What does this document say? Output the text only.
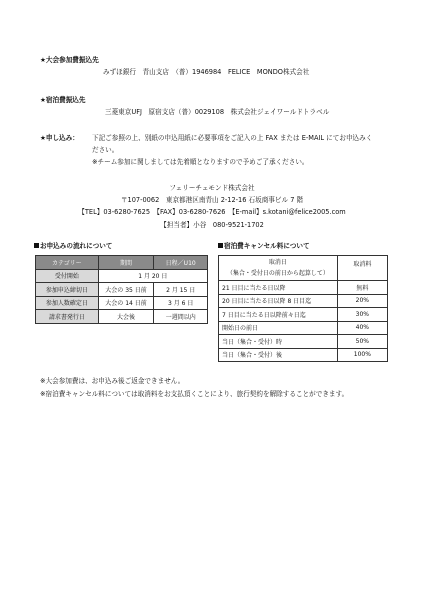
★大会参加費振込先
みずほ銀行　青山支店　（普）1946984　FELICE　MONDO株式会社
★宿泊費振込先
三菱東京UFJ　原宿支店（普）0029108　株式会社ジェイワールドトラベル
★申し込み： 下記ご参照の上、別紙の申込用紙に必要事項をご記入の上 FAX または E-MAIL にてお申込みく
ださい。
※チーム参加に関しましては先着順となりますので予めご了承ください。
フェリーチェモンド株式会社
〒107-0062　東京都港区南青山 2-12-16 石坂商事ビル 7 階
【TEL】03-6280-7625　【FAX】03-6280-7626　【E-mail】s.kotani@felice2005.com
【担当者】小谷　080-9521-1702
お申込みの流れについて
カテゴリー	期間	日程／U10
受付開始	1 月 20 日	
参加申込締切日	大会の 35 日前	2 月 15 日
参加人数確定日	大会の 14 日前	3 月 6 日
請求書発行日	大会後	一週間以内
宿泊費キャンセル料について
取消日
（集合・受付日の前日から起算して）	取消料
21 日目に当たる日以降	無料
20 日目に当たる日以降 8 日目迄	20%
7 日目に当たる日以降前々日迄	30%
開始日の前日	40%
当日（集合・受付）時	50%
当日（集合・受付）後	100%
※大会参加費は、お申込み後ご返金できません。
※宿泊費キャンセル料については取消料をお支払頂くことにより、旅行契約を解除することができます。
